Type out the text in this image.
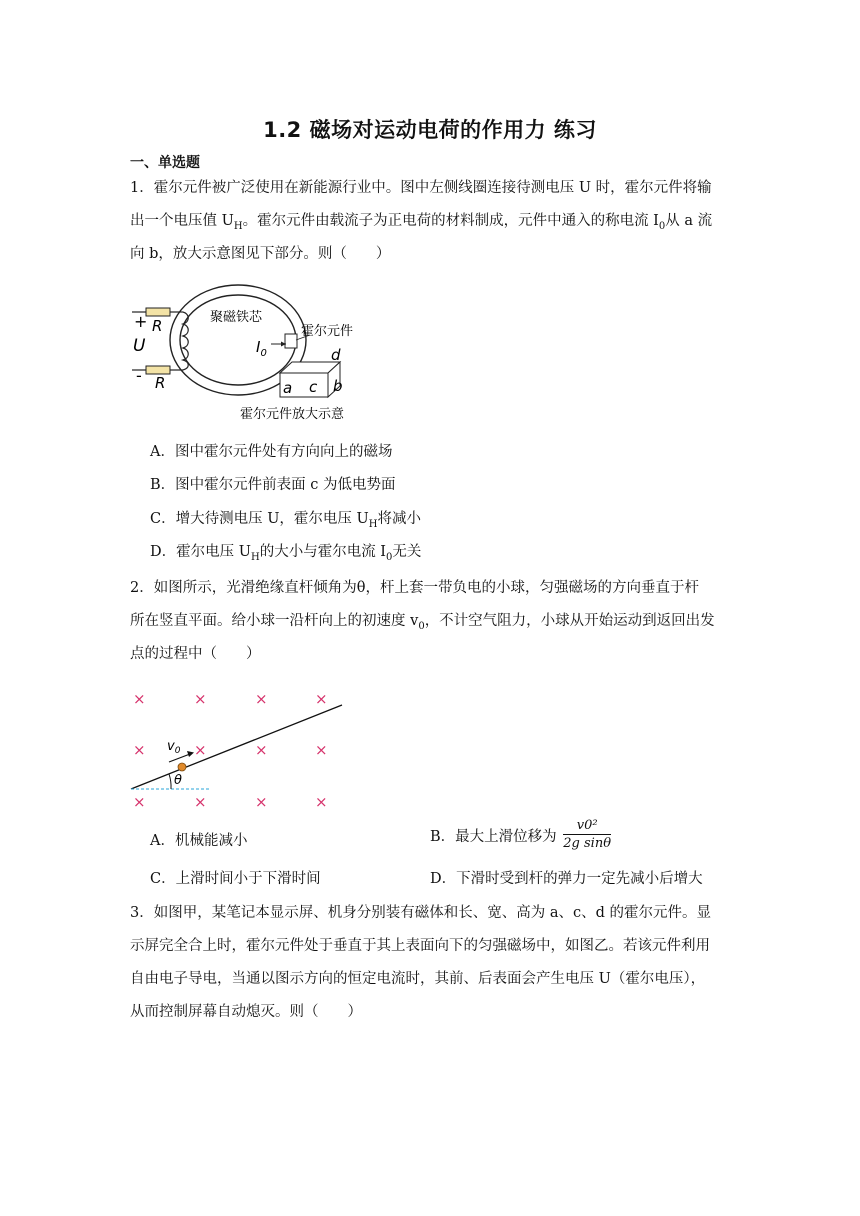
1.2 磁场对运动电荷的作用力 练习
一、单选题
1．霍尔元件被广泛使用在新能源行业中。图中左侧线圈连接待测电压 U 时，霍尔元件将输
出一个电压值 $U_H$。霍尔元件由载流子为正电荷的材料制成，元件中通入的称电流 $I_0$从 a 流
向 b，放大示意图见下部分。则（　　）
+
-
U
R
R
聚磁铁芯
霍尔元件
$I_0$
a c b
d
霍尔元件放大示意
A．图中霍尔元件处有方向向上的磁场
B．图中霍尔元件前表面 c 为低电势面
C．增大待测电压 U，霍尔电压 $U_H$将减小
D．霍尔电压 $U_H$的大小与霍尔电流 $I_0$无关
2．如图所示，光滑绝缘直杆倾角为θ，杆上套一带负电的小球，匀强磁场的方向垂直于杆
所在竖直平面。给小球一沿杆向上的初速度 $v_0$，不计空气阻力，小球从开始运动到返回出发
点的过程中（　　）
×	×	×	×
×	×	×	×
×	×	×	×
$v_0$
θ
A．机械能减小	B．最大上滑位移为 $\frac{\text{v0²}}{\text{2g sinθ}}$
C．上滑时间小于下滑时间	D．下滑时受到杆的弹力一定先减小后增大
3．如图甲，某笔记本显示屏、机身分别装有磁体和长、宽、高为 a、c、d 的霍尔元件。显
示屏完全合上时，霍尔元件处于垂直于其上表面向下的匀强磁场中，如图乙。若该元件利用
自由电子导电，当通以图示方向的恒定电流时，其前、后表面会产生电压 U（霍尔电压），
从而控制屏幕自动熄灭。则（　　）
